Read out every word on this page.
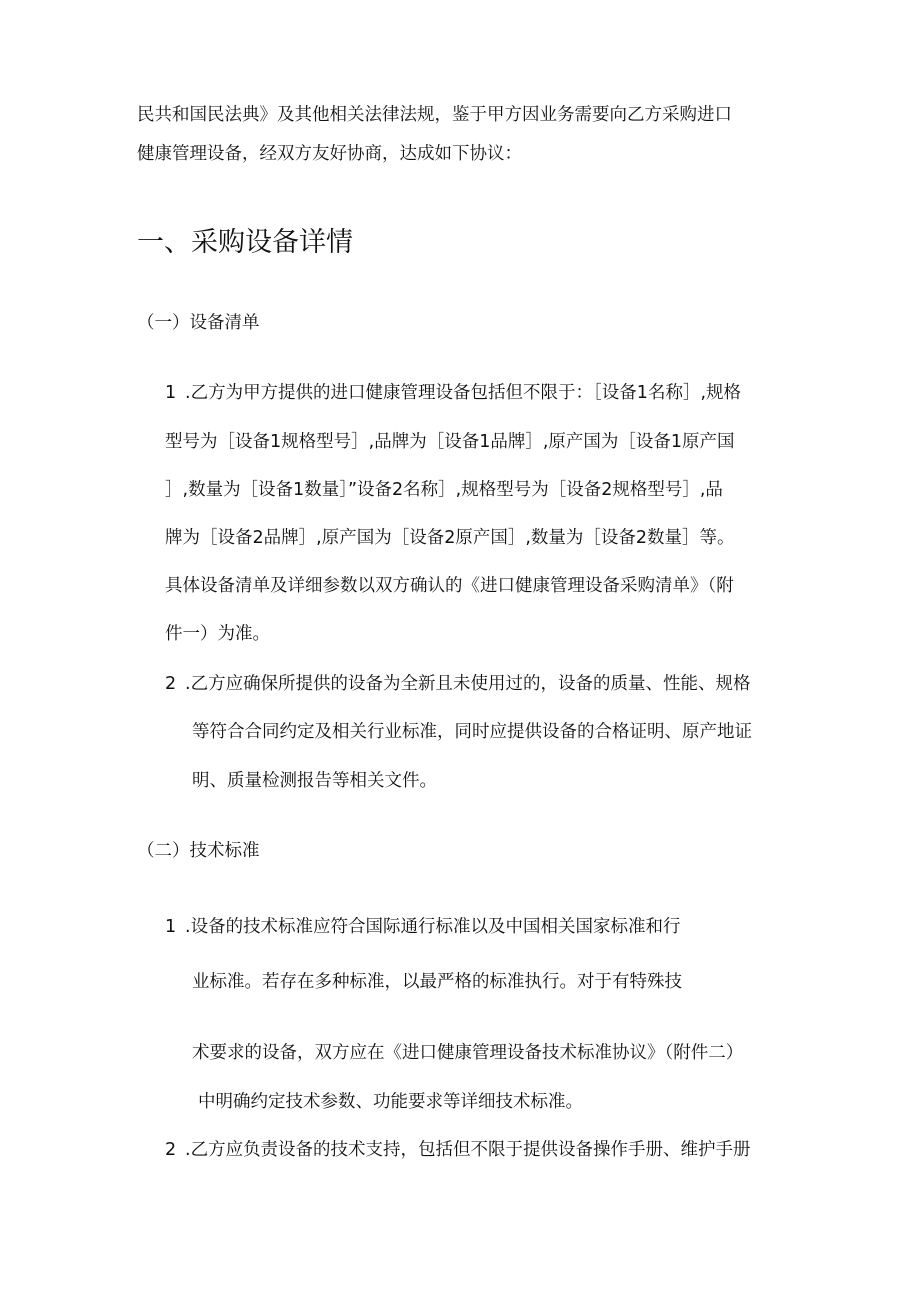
民共和国民法典》及其他相关法律法规，鉴于甲方因业务需要向乙方采购进口
健康管理设备，经双方友好协商，达成如下协议：
一、采购设备详情
（一）设备清单
1 .乙方为甲方提供的进口健康管理设备包括但不限于：［设备1名称］,规格
型号为［设备1规格型号］,品牌为［设备1品牌］,原产国为［设备1原产国
］,数量为［设备1数量］”设备2名称］,规格型号为［设备2规格型号］,品
牌为［设备2品牌］,原产国为［设备2原产国］,数量为［设备2数量］等。
具体设备清单及详细参数以双方确认的《进口健康管理设备采购清单》（附
件一）为准。
2 .乙方应确保所提供的设备为全新且未使用过的，设备的质量、性能、规格
等符合合同约定及相关行业标准，同时应提供设备的合格证明、原产地证
明、质量检测报告等相关文件。
（二）技术标准
1 .设备的技术标准应符合国际通行标准以及中国相关国家标准和行
业标准。若存在多种标准，以最严格的标准执行。对于有特殊技
术要求的设备，双方应在《进口健康管理设备技术标准协议》（附件二）
中明确约定技术参数、功能要求等详细技术标准。
2 .乙方应负责设备的技术支持，包括但不限于提供设备操作手册、维护手册
